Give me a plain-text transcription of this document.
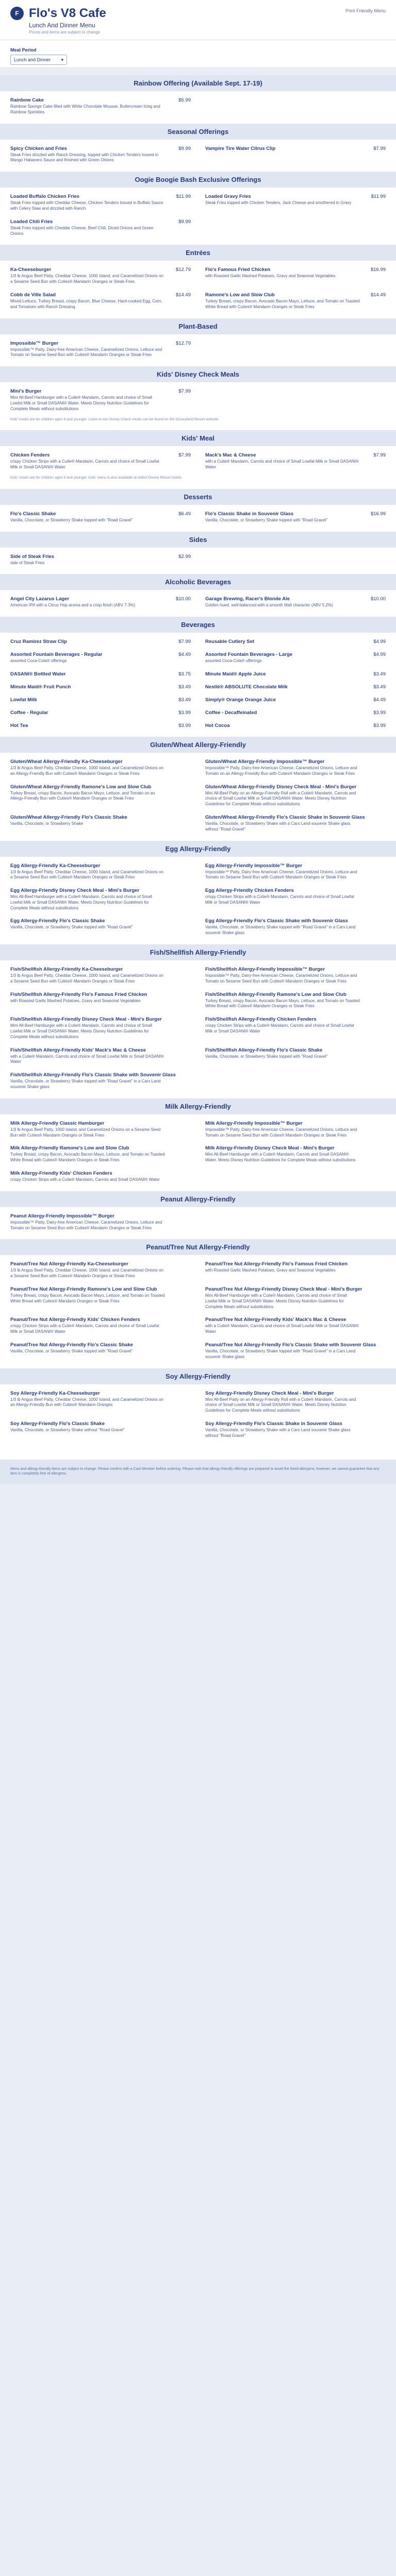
F Flo's V8 Cafe
Lunch And Dinner Menu
Prices and items are subject to change
Print Friendly Menu
Meal Period
Lunch and Dinner ▾
Rainbow Offering (Available Sept. 17-19)
Rainbow Cake	$5.99
Rainbow Sponge Cake filled with White Chocolate Mousse, Buttercream Icing and Rainbow Sprinkles
Seasonal Offerings
Spicy Chicken and Fries	$9.99
Steak Fries drizzled with Ranch Dressing, topped with Chicken Tenders tossed in Mango Habanero Sauce and finished with Green Onions
Vampire Tire Water Citrus Clip	$7.99
Oogie Boogie Bash Exclusive Offerings
Loaded Buffalo Chicken Fries	$11.99
Steak Fries topped with Cheddar Cheese, Chicken Tenders tossed in Buffalo Sauce with Celery Slaw and drizzled with Ranch
Loaded Gravy Fries	$11.99
Steak Fries topped with Chicken Tenders, Jack Cheese and smothered in Gravy
Loaded Chili Fries	$9.99
Steak Fries topped with Cheddar Cheese, Beef Chili, Diced Onions and Green Onions
Entrées
Ka-Cheeseburger	$12.79
1/3 lb Angus Beef Patty, Cheddar Cheese, 1000 Island, and Caramelized Onions on a Sesame Seed Bun with Cuties® Mandarin Oranges or Steak Fries
Flo's Famous Fried Chicken	$16.99
with Roasted Garlic Mashed Potatoes, Gravy and Seasonal Vegetables
Cobb de Ville Salad	$14.49
Mixed Lettuce, Turkey Breast, crispy Bacon, Blue Cheese, Hard-cooked Egg, Corn, and Tomatoes with Ranch Dressing
Ramone's Low and Slow Club	$14.49
Turkey Breast, crispy Bacon, Avocado Bacon Mayo, Lettuce, and Tomato on Toasted White Bread with Cuties® Mandarin Oranges or Steak Fries
Plant-Based
Impossible™ Burger	$12.79
Impossible™ Patty, Dairy-free American Cheese, Caramelized Onions, Lettuce and Tomato on Sesame Seed Bun with Cuties® Mandarin Oranges or Steak Fries
Kids' Disney Check Meals
Mini's Burger	$7.99
Mini All-Beef Hamburger with a Cutie® Mandarin, Carrots and choice of Small Lowfat Milk or Small DASANI® Water. Meets Disney Nutrition Guidelines for Complete Meals without substitutions
Kids' meals are for children ages 9 and younger. Learn to eat Disney Check meals can be found on the Disneyland Resort website.
Kids' Meal
Chicken Fenders	$7.99
crispy Chicken Strips with a Cutie® Mandarin, Carrots and choice of Small Lowfat Milk or Small DASANI® Water
Mack's Mac & Cheese	$7.99
with a Cutie® Mandarin, Carrots and choice of Small Lowfat Milk or Small DASANI® Water
Kids' meals are for children ages 9 and younger. Kids' menu is also available at select Disney Resort hotels.
Desserts
Flo's Classic Shake	$6.49
Vanilla, Chocolate, or Strawberry Shake topped with "Road Gravel"
Flo's Classic Shake in Souvenir Glass	$16.99
Vanilla, Chocolate, or Strawberry Shake topped with "Road Gravel"
Sides
Side of Steak Fries	$2.99
side of Steak Fries
Alcoholic Beverages
Angel City Lazarus Lager	$10.00
American IPA with a Citrus Hop aroma and a crisp finish (ABV 7.3%)
Garage Brewing, Racer's Blonde Ale	$10.00
Golden hued, well-balanced with a smooth Malt character (ABV 5.2%)
Beverages
Cruz Ramirez Straw Clip	$7.99	Reusable Cutlery Set	$4.99
Assorted Fountain Beverages - Regular	$4.49
assorted Coca-Cola® offerings
Assorted Fountain Beverages - Large	$4.99
assorted Coca-Cola® offerings
DASANI® Bottled Water	$3.75	Minute Maid® Apple Juice	$3.49
Minute Maid® Fruit Punch	$3.49	Nestlé® ABSOLUTE Chocolate Milk	$3.49
Lowfat Milk	$3.49	Simply® Orange Orange Juice	$4.49
Coffee - Regular	$3.99	Coffee - Decaffeinated	$3.99
Hot Tea	$3.99	Hot Cocoa	$3.99
Gluten/Wheat Allergy-Friendly
Gluten/Wheat Allergy-Friendly Ka-Cheeseburger
1/3 lb Angus Beef Patty, Cheddar Cheese, 1000 Island, and Caramelized Onions on an Allergy-Friendly Bun with Cuties® Mandarin Oranges or Steak Fries
Gluten/Wheat Allergy-Friendly Impossible™ Burger
Impossible™ Patty, Dairy-free American Cheese, Caramelized Onions, Lettuce and Tomato on an Allergy-Friendly Bun with Cuties® Mandarin Oranges or Steak Fries
Gluten/Wheat Allergy-Friendly Ramone's Low and Slow Club
Turkey Breast, crispy Bacon, Avocado Bacon Mayo, Lettuce, and Tomato on an Allergy-Friendly Bun with Cuties® Mandarin Oranges or Steak Fries
Gluten/Wheat Allergy-Friendly Disney Check Meal - Mini's Burger
Mini All-Beef Patty on an Allergy-Friendly Roll with a Cutie® Mandarin, Carrots and choice of Small Lowfat Milk or Small DASANI® Water. Meets Disney Nutrition Guidelines for Complete Meals without substitutions
Gluten/Wheat Allergy-Friendly Flo's Classic Shake
Vanilla, Chocolate, or Strawberry Shake
Gluten/Wheat Allergy-Friendly Flo's Classic Shake in Souvenir Glass
Vanilla, Chocolate, or Strawberry Shake with a Cars Land souvenir Shake glass without "Road Gravel"
Egg Allergy-Friendly
Egg Allergy-Friendly Ka-Cheeseburger
1/3 lb Angus Beef Patty, Cheddar Cheese, 1000 Island, and Caramelized Onions on a Sesame Seed Bun with Cuties® Mandarin Oranges or Steak Fries
Egg Allergy-Friendly Impossible™ Burger
Impossible™ Patty, Dairy-free American Cheese, Caramelized Onions, Lettuce and Tomato on Sesame Seed Bun with Cuties® Mandarin Oranges or Steak Fries
Egg Allergy-Friendly Disney Check Meal - Mini's Burger
Mini All-Beef Hamburger with a Cutie® Mandarin, Carrots and choice of Small Lowfat Milk or Small DASANI® Water. Meets Disney Nutrition Guidelines for Complete Meals without substitutions
Egg Allergy-Friendly Chicken Fenders
crispy Chicken Strips with a Cutie® Mandarin, Carrots and choice of Small Lowfat Milk or Small DASANI® Water
Egg Allergy-Friendly Flo's Classic Shake
Vanilla, Chocolate, or Strawberry Shake topped with "Road Gravel"
Egg Allergy-Friendly Flo's Classic Shake with Souvenir Glass
Vanilla, Chocolate, or Strawberry Shake topped with "Road Gravel" in a Cars Land souvenir Shake glass
Fish/Shellfish Allergy-Friendly
Fish/Shellfish Allergy-Friendly Ka-Cheeseburger
1/3 lb Angus Beef Patty, Cheddar Cheese, 1000 Island, and Caramelized Onions on a Sesame Seed Bun with Cuties® Mandarin Oranges or Steak Fries
Fish/Shellfish Allergy-Friendly Impossible™ Burger
Impossible™ Patty, Dairy-free American Cheese, Caramelized Onions, Lettuce and Tomato on Sesame Seed Bun with Cuties® Mandarin Oranges or Steak Fries
Fish/Shellfish Allergy-Friendly Flo's Famous Fried Chicken
with Roasted Garlic Mashed Potatoes, Gravy and Seasonal Vegetables
Fish/Shellfish Allergy-Friendly Ramone's Low and Slow Club
Turkey Breast, crispy Bacon, Avocado Bacon Mayo, Lettuce, and Tomato on Toasted White Bread with Cuties® Mandarin Oranges or Steak Fries
Fish/Shellfish Allergy-Friendly Disney Check Meal - Mini's Burger
Mini All-Beef Hamburger with a Cutie® Mandarin, Carrots and choice of Small Lowfat Milk or Small DASANI® Water. Meets Disney Nutrition Guidelines for Complete Meals without substitutions
Fish/Shellfish Allergy-Friendly Chicken Fenders
crispy Chicken Strips with a Cutie® Mandarin, Carrots and choice of Small Lowfat Milk or Small DASANI® Water
Fish/Shellfish Allergy-Friendly Kids' Mack's Mac & Cheese
with a Cutie® Mandarin, Carrots and choice of Small Lowfat Milk or Small DASANI® Water
Fish/Shellfish Allergy-Friendly Flo's Classic Shake
Vanilla, Chocolate, or Strawberry Shake topped with "Road Gravel"
Fish/Shellfish Allergy-Friendly Flo's Classic Shake with Souvenir Glass
Vanilla, Chocolate, or Strawberry Shake topped with "Road Gravel" in a Cars Land souvenir Shake glass
Milk Allergy-Friendly
Milk Allergy-Friendly Classic Hamburger
1/3 lb Angus Beef Patty, 1000 Island, and Caramelized Onions on a Sesame Seed Bun with Cuties® Mandarin Oranges or Steak Fries
Milk Allergy-Friendly Impossible™ Burger
Impossible™ Patty, Dairy-free American Cheese, Caramelized Onions, Lettuce and Tomato on Sesame Seed Bun with Cuties® Mandarin Oranges or Steak Fries
Milk Allergy-Friendly Ramone's Low and Slow Club
Turkey Breast, crispy Bacon, Avocado Bacon Mayo, Lettuce, and Tomato on Toasted White Bread with Cuties® Mandarin Oranges or Steak Fries
Milk Allergy-Friendly Disney Check Meal - Mini's Burger
Mini All-Beef Hamburger with a Cutie® Mandarin, Carrots and Small DASANI® Water. Meets Disney Nutrition Guidelines for Complete Meals without substitutions
Milk Allergy-Friendly Kids' Chicken Fenders
crispy Chicken Strips with a Cutie® Mandarin, Carrots and Small DASANI® Water
Peanut Allergy-Friendly
Peanut Allergy-Friendly Impossible™ Burger
Impossible™ Patty, Dairy-free American Cheese, Caramelized Onions, Lettuce and Tomato on Sesame Seed Bun with Cuties® Mandarin Oranges or Steak Fries
Peanut/Tree Nut Allergy-Friendly
Peanut/Tree Nut Allergy-Friendly Ka-Cheeseburger
1/3 lb Angus Beef Patty, Cheddar Cheese, 1000 Island, and Caramelized Onions on a Sesame Seed Bun with Cuties® Mandarin Oranges or Steak Fries
Peanut/Tree Nut Allergy-Friendly Flo's Famous Fried Chicken
with Roasted Garlic Mashed Potatoes, Gravy and Seasonal Vegetables
Peanut/Tree Nut Allergy-Friendly Ramone's Low and Slow Club
Turkey Breast, crispy Bacon, Avocado Bacon Mayo, Lettuce, and Tomato on Toasted White Bread with Cuties® Mandarin Oranges or Steak Fries
Peanut/Tree Nut Allergy-Friendly Disney Check Meal - Mini's Burger
Mini All-Beef Hamburger with a Cutie® Mandarin, Carrots and choice of Small Lowfat Milk or Small DASANI® Water. Meets Disney Nutrition Guidelines for Complete Meals without substitutions
Peanut/Tree Nut Allergy-Friendly Kids' Chicken Fenders
crispy Chicken Strips with a Cutie® Mandarin, Carrots and choice of Small Lowfat Milk or Small DASANI® Water
Peanut/Tree Nut Allergy-Friendly Kids' Mack's Mac & Cheese
with a Cutie® Mandarin, Carrots and choice of Small Lowfat Milk or Small DASANI® Water
Peanut/Tree Nut Allergy-Friendly Flo's Classic Shake
Vanilla, Chocolate, or Strawberry Shake topped with "Road Gravel"
Peanut/Tree Nut Allergy-Friendly Flo's Classic Shake with Souvenir Glass
Vanilla, Chocolate, or Strawberry Shake topped with "Road Gravel" in a Cars Land souvenir Shake glass
Soy Allergy-Friendly
Soy Allergy-Friendly Ka-Cheeseburger
1/3 lb Angus Beef Patty, Cheddar Cheese, 1000 Island, and Caramelized Onions on an Allergy-Friendly Bun with Cuties® Mandarin Oranges
Soy Allergy-Friendly Disney Check Meal - Mini's Burger
Mini All-Beef Patty on an Allergy-Friendly Roll with a Cutie® Mandarin, Carrots and choice of Small Lowfat Milk or Small DASANI® Water. Meets Disney Nutrition Guidelines for Complete Meals without substitutions
Soy Allergy-Friendly Flo's Classic Shake
Vanilla, Chocolate, or Strawberry Shake without "Road Gravel"
Soy Allergy-Friendly Flo's Classic Shake in Souvenir Glass
Vanilla, Chocolate, or Strawberry Shake with a Cars Land souvenir Shake glass without "Road Gravel"
Menu and allergy-friendly items are subject to change. Please confirm with a Cast Member before ordering. Please note that allergy-friendly offerings are prepared to avoid the listed allergens; however, we cannot guarantee that any item is completely free of allergens.
